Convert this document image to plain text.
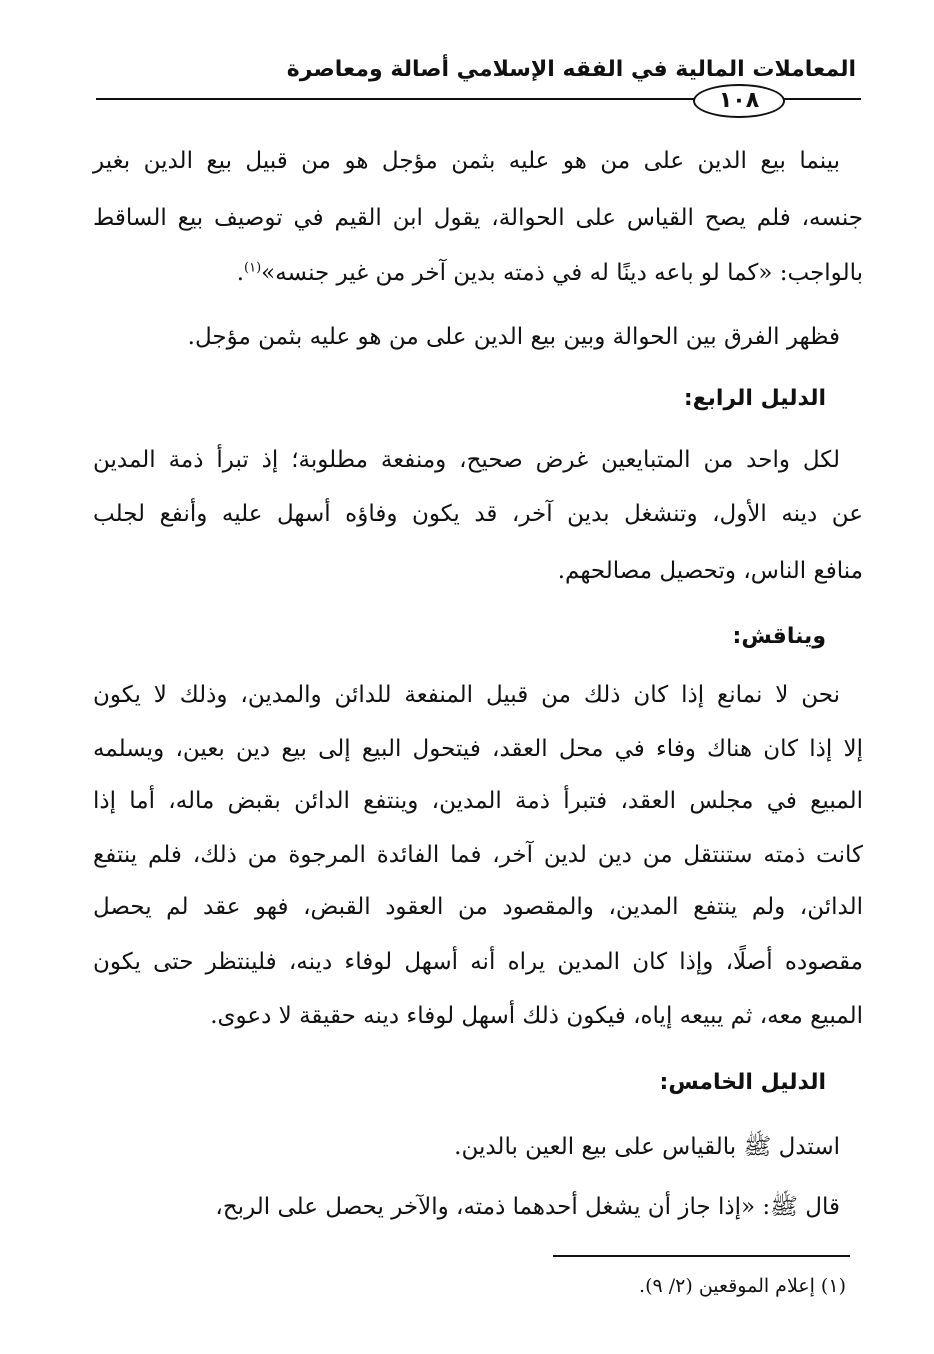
المعاملات المالية في الفقه الإسلامي أصالة ومعاصرة
١٠٨
بينما بيع الدين على من هو عليه بثمن مؤجل هو من قبيل بيع الدين بغير
جنسه، فلم يصح القياس على الحوالة، يقول ابن القيم في توصيف بيع الساقط
بالواجب: «كما لو باعه دينًا له في ذمته بدين آخر من غير جنسه»$^{(١)}$.
فظهر الفرق بين الحوالة وبين بيع الدين على من هو عليه بثمن مؤجل.
الدليل الرابع:
لكل واحد من المتبايعين غرض صحيح، ومنفعة مطلوبة؛ إذ تبرأ ذمة المدين
عن دينه الأول، وتنشغل بدين آخر، قد يكون وفاؤه أسهل عليه وأنفع لجلب
منافع الناس، وتحصيل مصالحهم.
ويناقش:
نحن لا نمانع إذا كان ذلك من قبيل المنفعة للدائن والمدين، وذلك لا يكون
إلا إذا كان هناك وفاء في محل العقد، فيتحول البيع إلى بيع دين بعين، ويسلمه
المبيع في مجلس العقد، فتبرأ ذمة المدين، وينتفع الدائن بقبض ماله، أما إذا
كانت ذمته ستنتقل من دين لدين آخر، فما الفائدة المرجوة من ذلك، فلم ينتفع
الدائن، ولم ينتفع المدين، والمقصود من العقود القبض، فهو عقد لم يحصل
مقصوده أصلًا، وإذا كان المدين يراه أنه أسهل لوفاء دينه، فلينتظر حتى يكون
المبيع معه، ثم يبيعه إياه، فيكون ذلك أسهل لوفاء دينه حقيقة لا دعوى.
الدليل الخامس:
استدل ﷺ بالقياس على بيع العين بالدين.
قال ﷺ: «إذا جاز أن يشغل أحدهما ذمته، والآخر يحصل على الربح،
(١) إعلام الموقعين (٢/ ٩).
